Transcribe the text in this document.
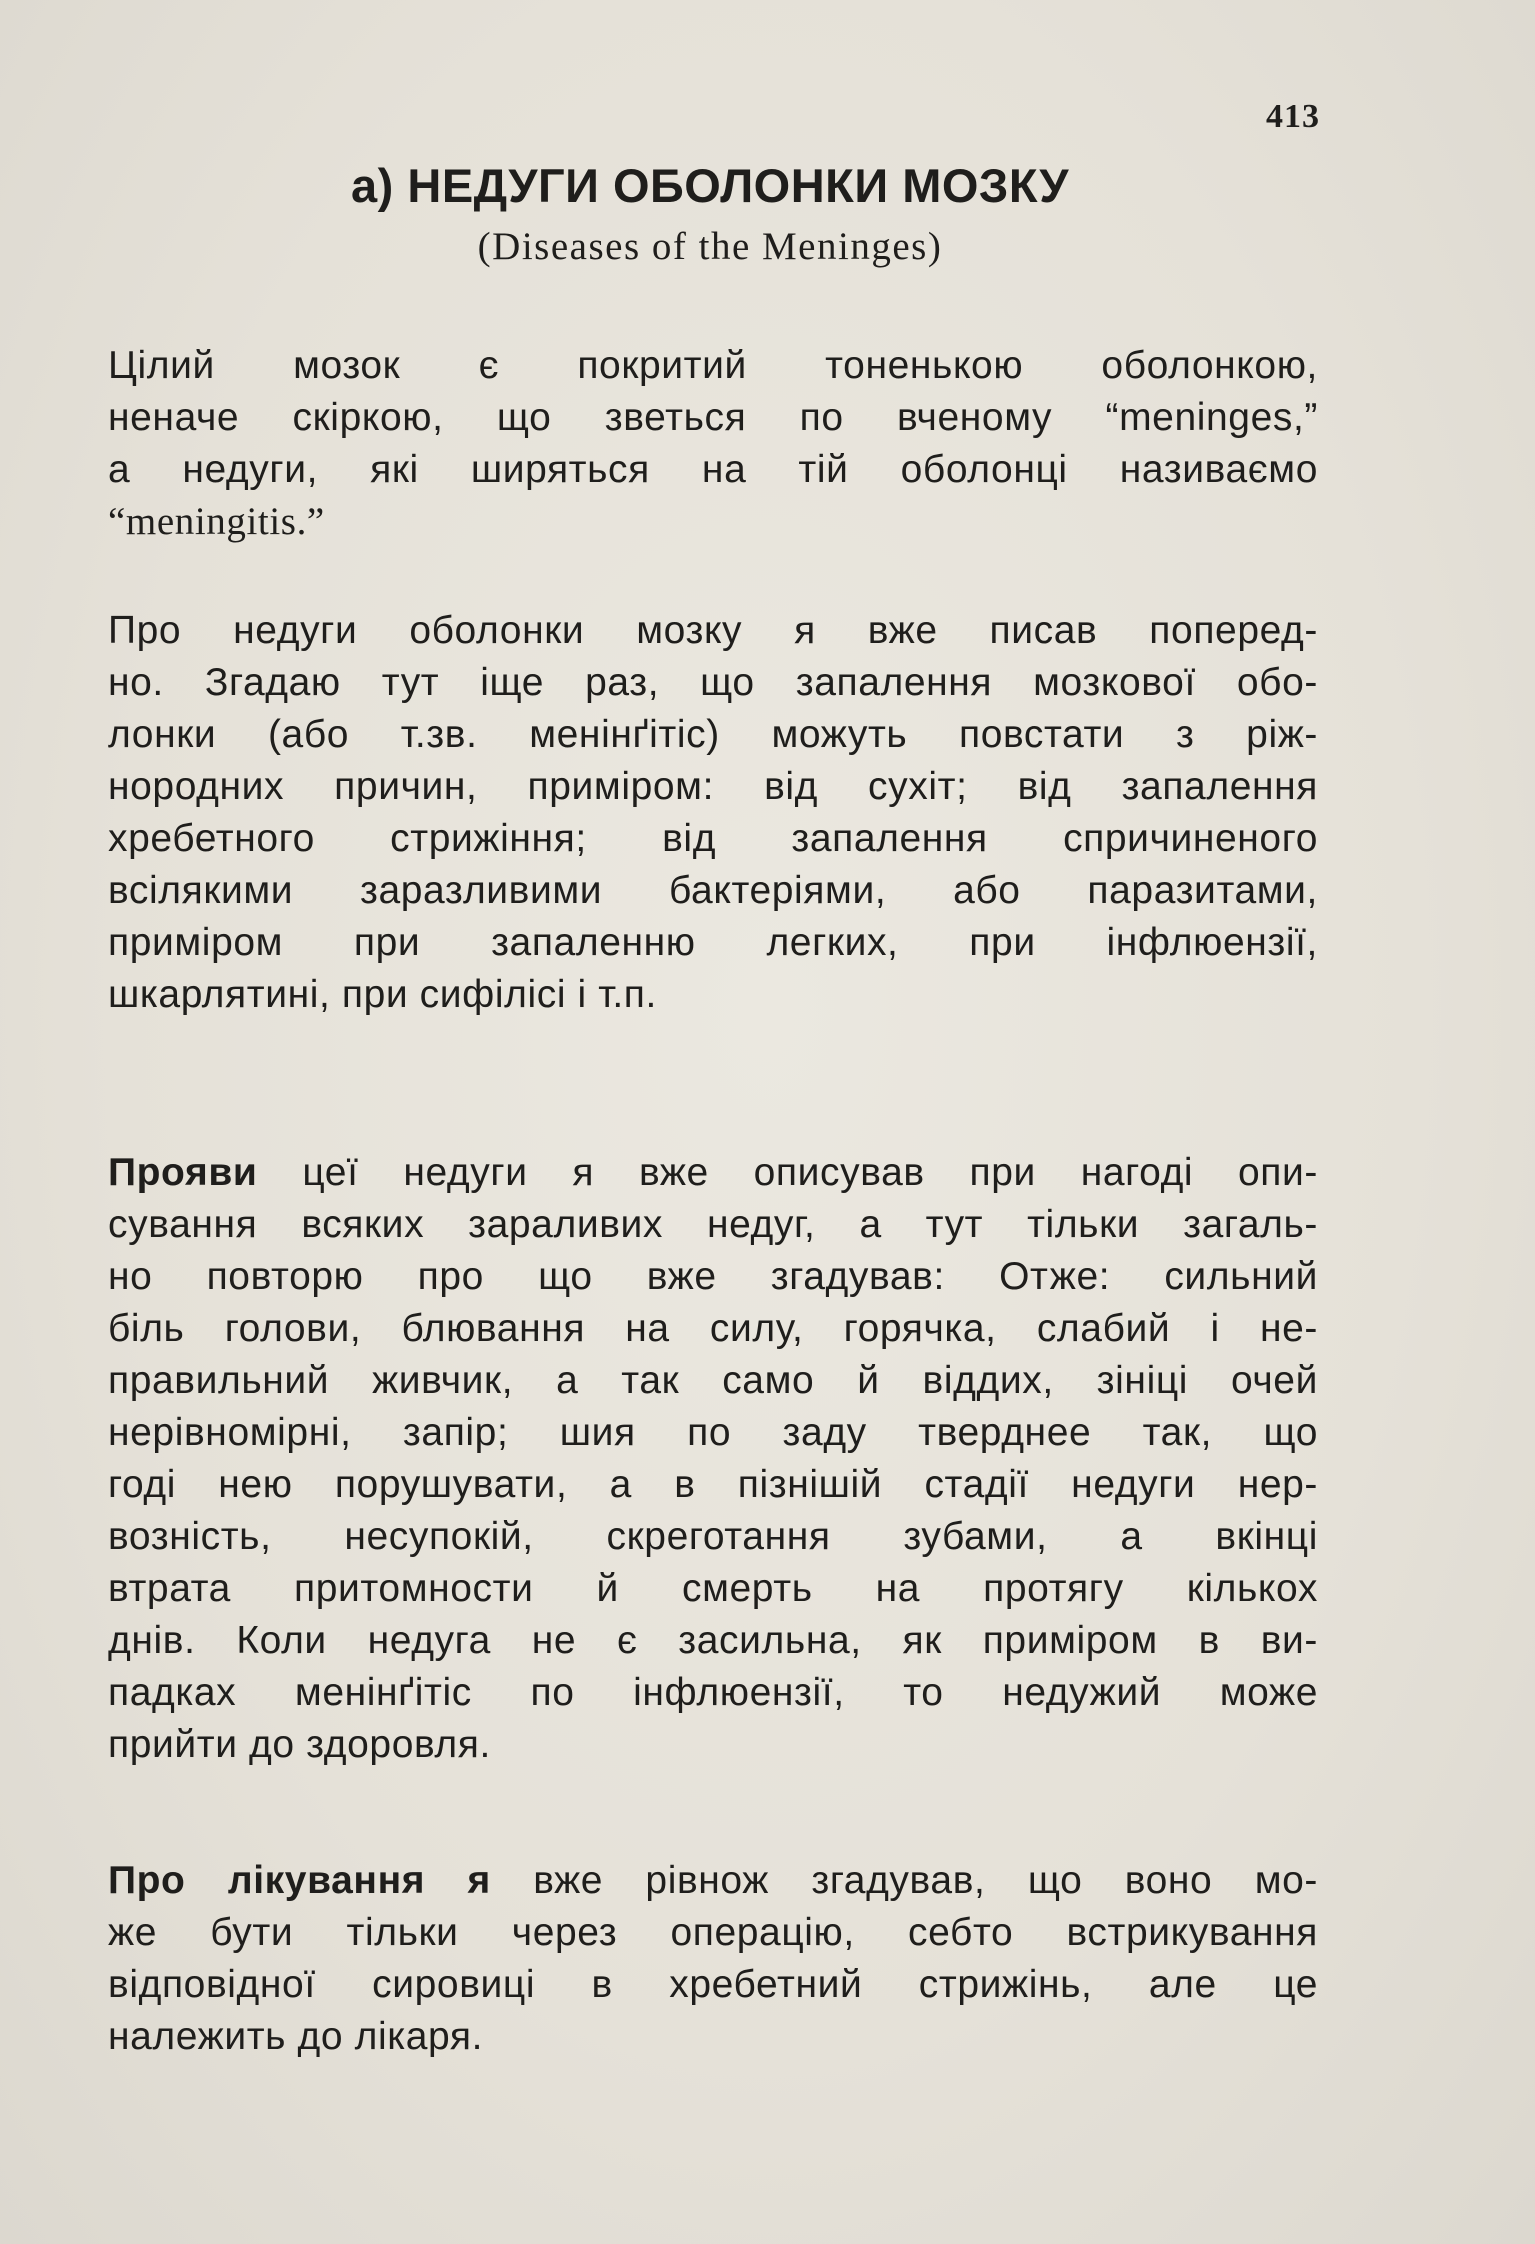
413
а) НЕДУГИ ОБОЛОНКИ МОЗКУ
(Diseases of the Meninges)
Цілий мозок є покритий тоненькою оболонкою,
неначе скіркою, що зветься по вченому “meninges,”
а недуги, які ширяться на тій оболонці називаємо
“meningitis.”
Про недуги оболонки мозку я вже писав поперед-
но. Згадаю тут іще раз, що запалення мозкової обо-
лонки (або т.зв. менінґітіс) можуть повстати з ріж-
нородних причин, приміром: від сухіт; від запалення
хребетного стрижіння; від запалення спричиненого
всілякими заразливими бактеріями, або паразитами,
приміром при запаленню легких, при інфлюензії,
шкарлятині, при сифілісі і т.п.
Прояви цеї недуги я вже описував при нагоді опи-
сування всяких зараливих недуг, а тут тільки загаль-
но повторю про що вже згадував: Отже: сильний
біль голови, блювання на силу, горячка, слабий і не-
правильний живчик, а так само й віддих, зініці очей
нерівномірні, запір; шия по заду тверднее так, що
годі нею порушувати, а в пізнішій стадії недуги нер-
возність, несупокій, скреготання зубами, а вкінці
втрата притомности й смерть на протягу кількох
днів. Коли недуга не є засильна, як приміром в ви-
падках менінґітіс по інфлюензії, то недужий може
прийти до здоровля.
Про лікування я вже рівнож згадував, що воно мо-
же бути тільки через операцію, себто встрикування
відповідної сировиці в хребетний стрижінь, але це
належить до лікаря.
